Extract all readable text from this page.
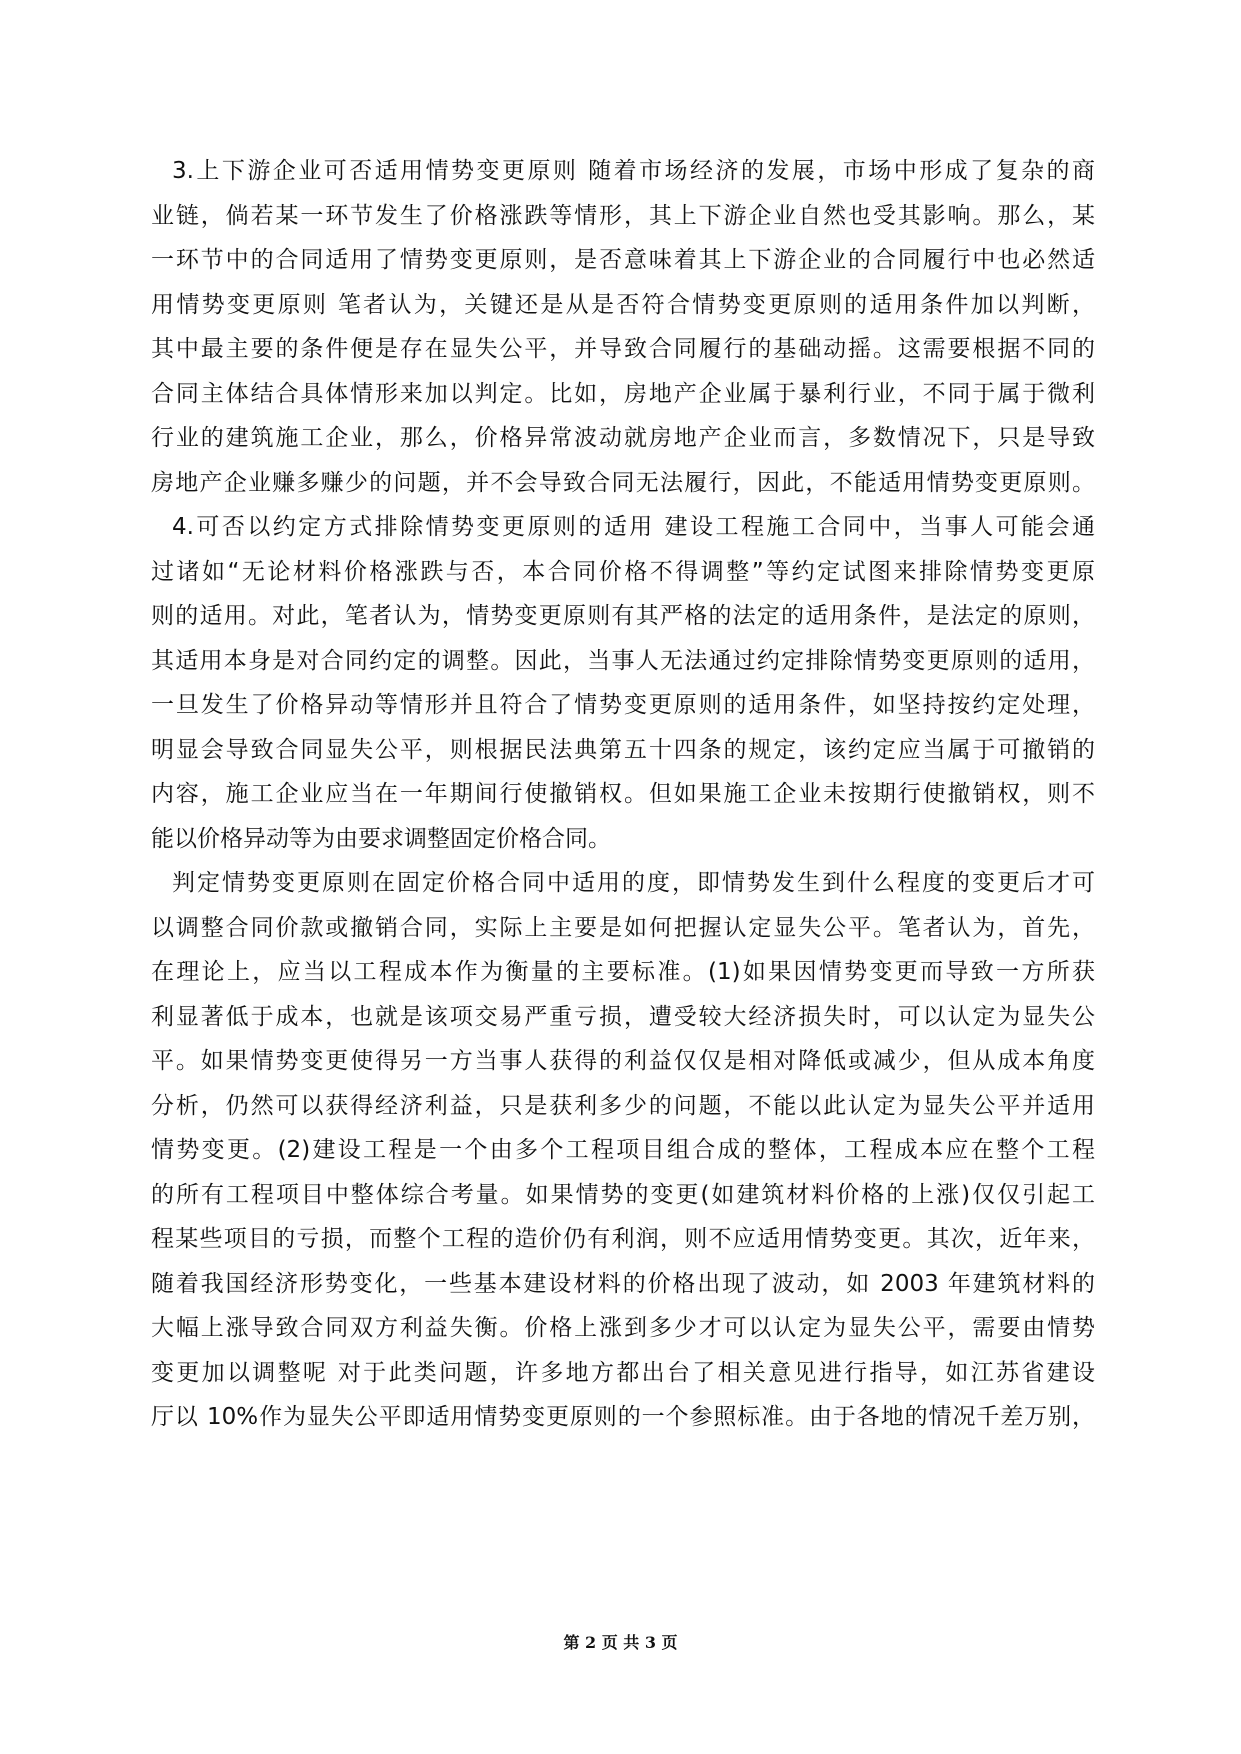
3.上下游企业可否适用情势变更原则 随着市场经济的发展，市场中形成了复杂的商
业链，倘若某一环节发生了价格涨跌等情形，其上下游企业自然也受其影响。那么，某
一环节中的合同适用了情势变更原则，是否意味着其上下游企业的合同履行中也必然适
用情势变更原则 笔者认为，关键还是从是否符合情势变更原则的适用条件加以判断，
其中最主要的条件便是存在显失公平，并导致合同履行的基础动摇。这需要根据不同的
合同主体结合具体情形来加以判定。比如，房地产企业属于暴利行业，不同于属于微利
行业的建筑施工企业，那么，价格异常波动就房地产企业而言，多数情况下，只是导致
房地产企业赚多赚少的问题，并不会导致合同无法履行，因此，不能适用情势变更原则。
4.可否以约定方式排除情势变更原则的适用 建设工程施工合同中，当事人可能会通
过诸如“无论材料价格涨跌与否，本合同价格不得调整”等约定试图来排除情势变更原
则的适用。对此，笔者认为，情势变更原则有其严格的法定的适用条件，是法定的原则，
其适用本身是对合同约定的调整。因此，当事人无法通过约定排除情势变更原则的适用，
一旦发生了价格异动等情形并且符合了情势变更原则的适用条件，如坚持按约定处理，
明显会导致合同显失公平，则根据民法典第五十四条的规定，该约定应当属于可撤销的
内容，施工企业应当在一年期间行使撤销权。但如果施工企业未按期行使撤销权，则不
能以价格异动等为由要求调整固定价格合同。
判定情势变更原则在固定价格合同中适用的度，即情势发生到什么程度的变更后才可
以调整合同价款或撤销合同，实际上主要是如何把握认定显失公平。笔者认为，首先，
在理论上，应当以工程成本作为衡量的主要标准。(1)如果因情势变更而导致一方所获
利显著低于成本，也就是该项交易严重亏损，遭受较大经济损失时，可以认定为显失公
平。如果情势变更使得另一方当事人获得的利益仅仅是相对降低或减少，但从成本角度
分析，仍然可以获得经济利益，只是获利多少的问题，不能以此认定为显失公平并适用
情势变更。(2)建设工程是一个由多个工程项目组合成的整体，工程成本应在整个工程
的所有工程项目中整体综合考量。如果情势的变更(如建筑材料价格的上涨)仅仅引起工
程某些项目的亏损，而整个工程的造价仍有利润，则不应适用情势变更。其次，近年来，
随着我国经济形势变化，一些基本建设材料的价格出现了波动，如 2003 年建筑材料的
大幅上涨导致合同双方利益失衡。价格上涨到多少才可以认定为显失公平，需要由情势
变更加以调整呢 对于此类问题，许多地方都出台了相关意见进行指导，如江苏省建设
厅以 10%作为显失公平即适用情势变更原则的一个参照标准。由于各地的情况千差万别，
第 2 页 共 3 页
